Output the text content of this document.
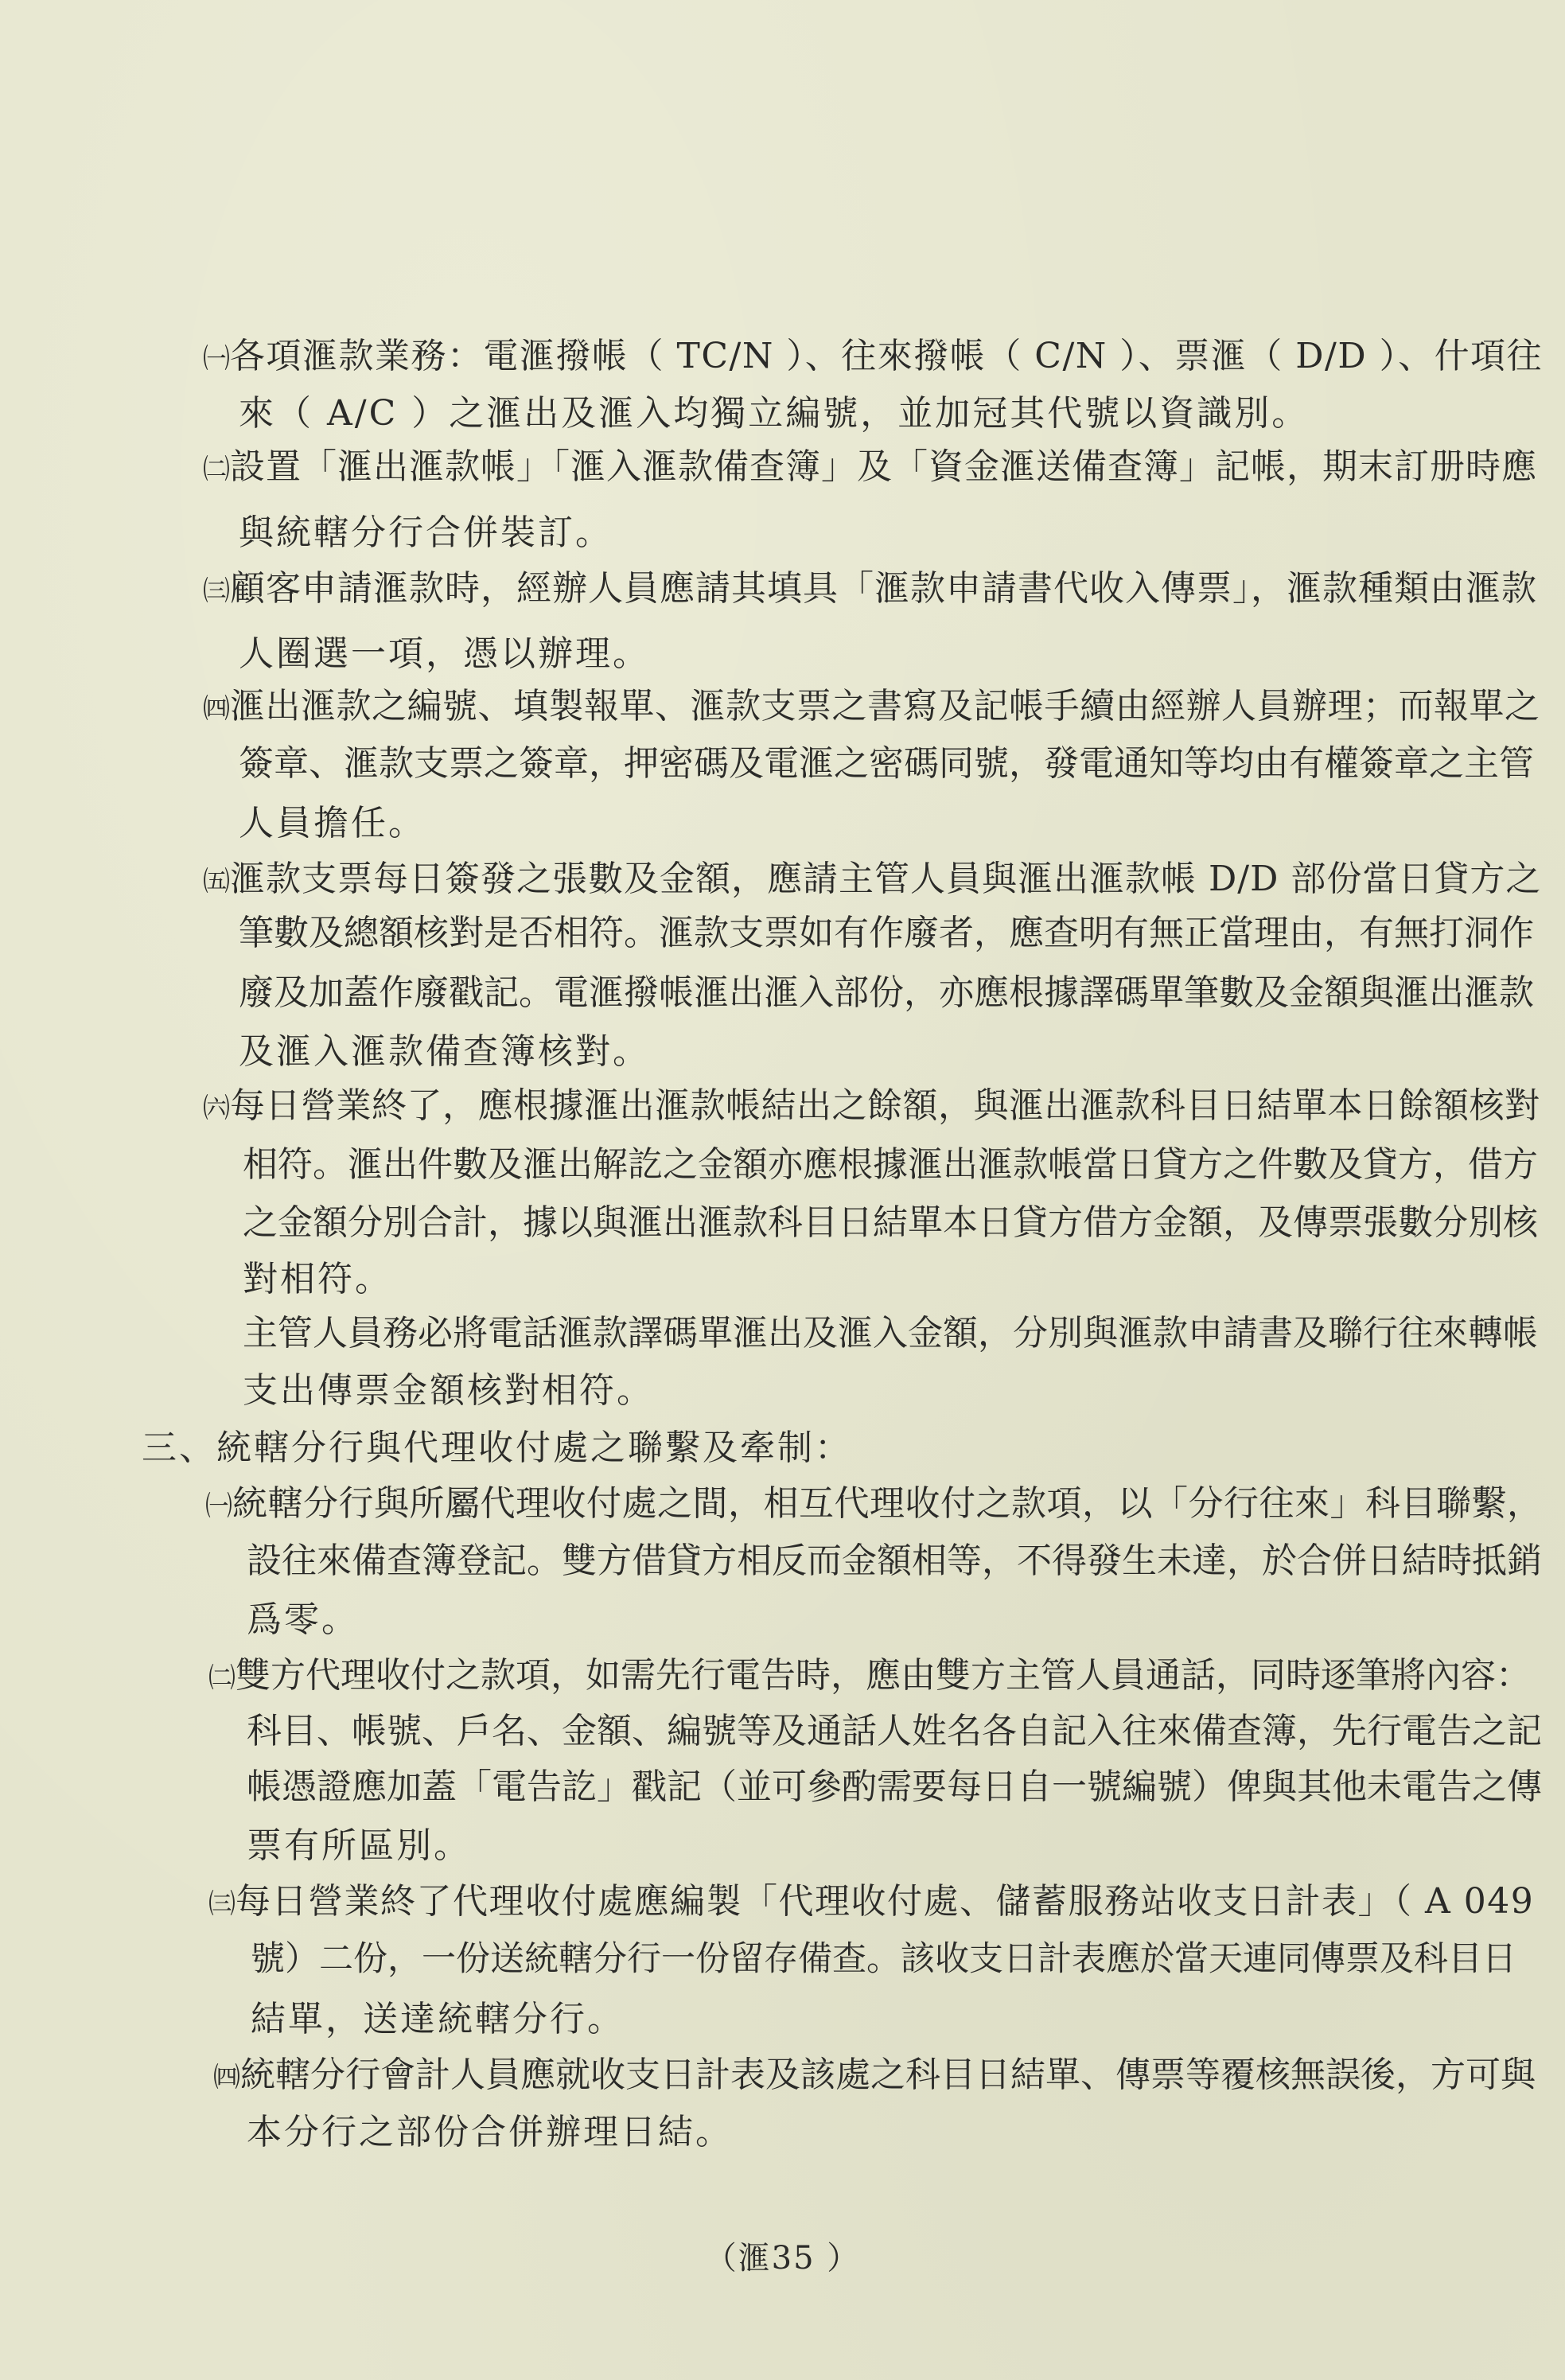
㈠各項滙款業務：電滙撥帳（ TC/N ）、往來撥帳（ C/N ）、票滙（ D/D ）、什項往
來（ A/C ）之滙出及滙入均獨立編號，並加冠其代號以資識別。
㈡設置「滙出滙款帳」「滙入滙款備查簿」及「資金滙送備查簿」記帳，期末訂册時應
與統轄分行合併裝訂。
㈢顧客申請滙款時，經辦人員應請其填具「滙款申請書代收入傳票」，滙款種類由滙款
人圈選一項，憑以辦理。
㈣滙出滙款之編號、填製報單、滙款支票之書寫及記帳手續由經辦人員辦理；而報單之
簽章、滙款支票之簽章，押密碼及電滙之密碼同號，發電通知等均由有權簽章之主管
人員擔任。
㈤滙款支票每日簽發之張數及金額，應請主管人員與滙出滙款帳 D/D 部份當日貸方之
筆數及總額核對是否相符。滙款支票如有作廢者，應查明有無正當理由，有無打洞作
廢及加蓋作廢戳記。電滙撥帳滙出滙入部份，亦應根據譯碼單筆數及金額與滙出滙款
及滙入滙款備查簿核對。
㈥每日營業終了，應根據滙出滙款帳結出之餘額，與滙出滙款科目日結單本日餘額核對
相符。滙出件數及滙出解訖之金額亦應根據滙出滙款帳當日貸方之件數及貸方，借方
之金額分別合計，據以與滙出滙款科目日結單本日貸方借方金額，及傳票張數分別核
對相符。
主管人員務必將電話滙款譯碼單滙出及滙入金額，分別與滙款申請書及聯行往來轉帳
支出傳票金額核對相符。
三、統轄分行與代理收付處之聯繫及牽制：
㈠統轄分行與所屬代理收付處之間，相互代理收付之款項，以「分行往來」科目聯繫，
設往來備查簿登記。雙方借貸方相反而金額相等，不得發生未達，於合併日結時抵銷
爲零。
㈡雙方代理收付之款項，如需先行電告時，應由雙方主管人員通話，同時逐筆將內容：
科目、帳號、戶名、金額、編號等及通話人姓名各自記入往來備查簿，先行電告之記
帳憑證應加蓋「電告訖」戳記（並可參酌需要每日自一號編號）俾與其他未電告之傳
票有所區別。
㈢每日營業終了代理收付處應編製「代理收付處、儲蓄服務站收支日計表」（ A 049
號）二份，一份送統轄分行一份留存備查。該收支日計表應於當天連同傳票及科目日
結單，送達統轄分行。
㈣統轄分行會計人員應就收支日計表及該處之科目日結單、傳票等覆核無誤後，方可與
本分行之部份合併辦理日結。
（滙35 ）
